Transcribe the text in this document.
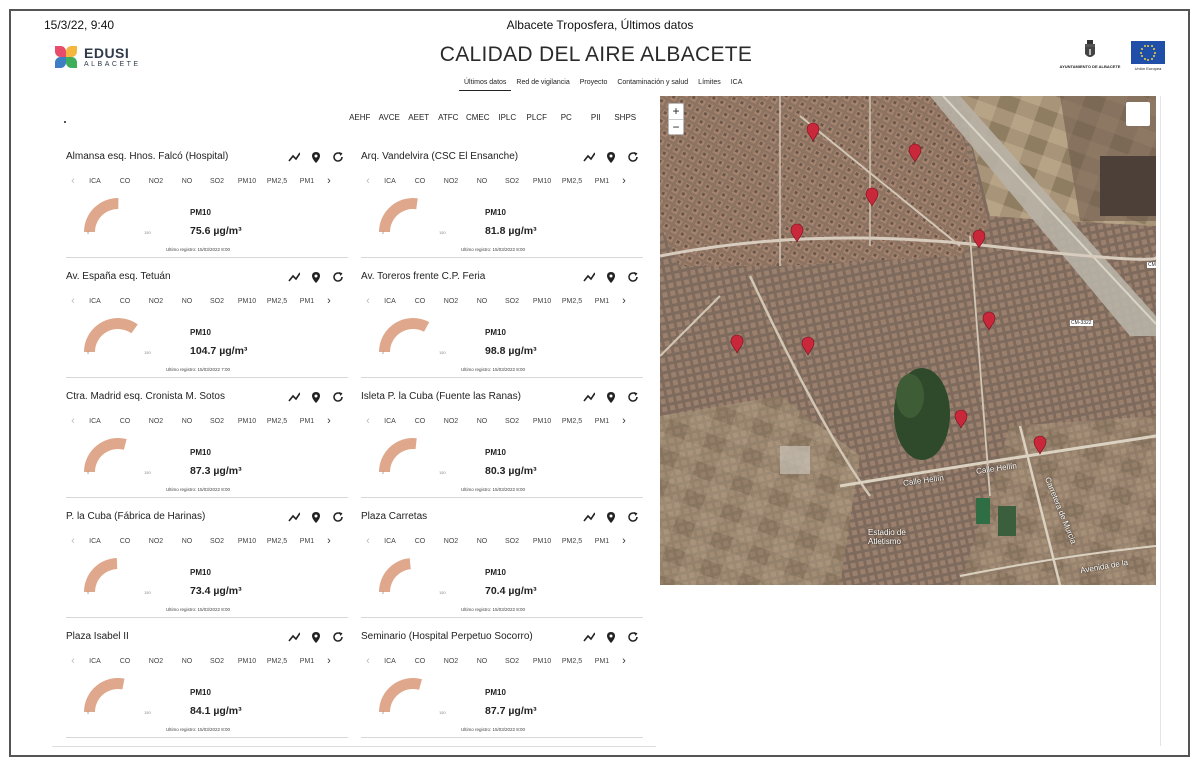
15/3/22, 9:40	Albacete Troposfera, Últimos datos
EDUSI
ALBACETE	CALIDAD DEL AIRE ALBACETE
Últimos datos	Red de vigilancia	Proyecto	Contaminación y salud	Límites	ICA
AYUNTAMIENTO DE ALBACETE	Unión Europea
AEHF	AVCE	AEET	ATFC CMEC	IPLC	PLCF	PC	PII	SHPS
Almansa esq. Hnos. Falcó (Hospital)
‹	ICA	CO	NO2	NO	SO2	PM10	PM2,5	PM1	›
0	150
PM10
75.6 µg/m³
Ultimo registro: 15/03/2022 8:00
Arq. Vandelvira (CSC El Ensanche)
‹	ICA	CO	NO2	NO	SO2	PM10	PM2,5	PM1	›
0	150
PM10
81.8 µg/m³
Ultimo registro: 15/03/2022 8:00
Av. España esq. Tetuán
‹	ICA	CO	NO2	NO	SO2	PM10	PM2,5	PM1	›
0	150
PM10
104.7 µg/m³
Ultimo registro: 15/03/2022 7:00
Av. Toreros frente C.P. Feria
‹	ICA	CO	NO2	NO	SO2	PM10	PM2,5	PM1	›
0	150
PM10
98.8 µg/m³
Ultimo registro: 15/03/2022 8:00
Ctra. Madrid esq. Cronista M. Sotos
‹	ICA	CO	NO2	NO	SO2	PM10	PM2,5	PM1	›
0	150
PM10
87.3 µg/m³
Ultimo registro: 15/03/2022 8:00
Isleta P. la Cuba (Fuente las Ranas)
‹	ICA	CO	NO2	NO	SO2	PM10	PM2,5	PM1	›
0	150
PM10
80.3 µg/m³
Ultimo registro: 15/03/2022 8:00
P. la Cuba (Fábrica de Harinas)
‹	ICA	CO	NO2	NO	SO2	PM10	PM2,5	PM1	›
0	150
PM10
73.4 µg/m³
Ultimo registro: 15/03/2022 8:00
Plaza Carretas
‹	ICA	CO	NO2	NO	SO2	PM10	PM2,5	PM1	›
0	150
PM10
70.4 µg/m³
Ultimo registro: 15/03/2022 8:00
Plaza Isabel II
‹	ICA	CO	NO2	NO	SO2	PM10	PM2,5	PM1	›
0	150
PM10
84.1 µg/m³
Ultimo registro: 15/03/2022 8:00
Seminario (Hospital Perpetuo Socorro)
‹	ICA	CO	NO2	NO	SO2	PM10	PM2,5	PM1	›
0	150
PM10
87.7 µg/m³
Ultimo registro: 15/03/2022 8:00
+
−
Calle Hellín
Calle Hellín
Carretera de Murcia
Avenida de la
Estadio de Atletismo
CM-3322
CM
